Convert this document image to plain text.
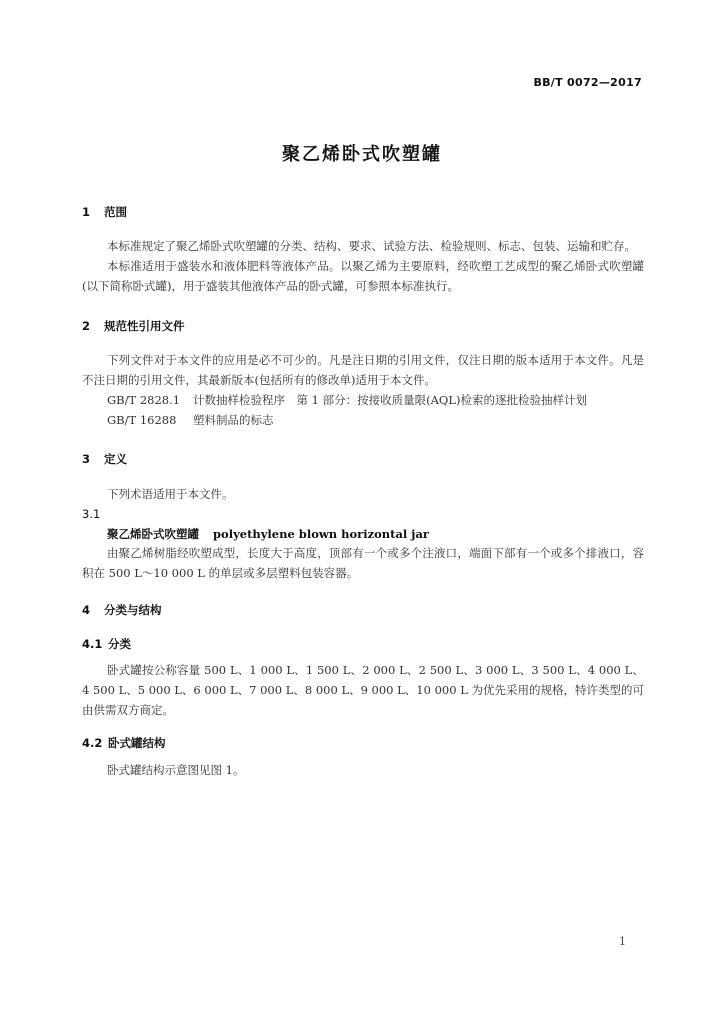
BB/T 0072—2017
聚乙烯卧式吹塑罐
1 范围
本标准规定了聚乙烯卧式吹塑罐的分类、结构、要求、试验方法、检验规则、标志、包装、运输和贮存。
本标准适用于盛装水和液体肥料等液体产品。以聚乙烯为主要原料，经吹塑工艺成型的聚乙烯卧式吹塑罐(以下简称卧式罐)，用于盛装其他液体产品的卧式罐，可参照本标准执行。
2 规范性引用文件
下列文件对于本文件的应用是必不可少的。凡是注日期的引用文件，仅注日期的版本适用于本文件。凡是不注日期的引用文件，其最新版本(包括所有的修改单)适用于本文件。
GB/T 2828.1 计数抽样检验程序　第 1 部分：按接收质量限(AQL)检索的逐批检验抽样计划
GB/T 16288 塑料制品的标志
3 定义
下列术语适用于本文件。
3.1
聚乙烯卧式吹塑罐 polyethylene blown horizontal jar
由聚乙烯树脂经吹塑成型，长度大于高度，顶部有一个或多个注液口，端面下部有一个或多个排液口，容积在 500 L～10 000 L 的单层或多层塑料包装容器。
4 分类与结构
4.1 分类
卧式罐按公称容量 500 L、1 000 L、1 500 L、2 000 L、2 500 L、3 000 L、3 500 L、4 000 L、4 500 L、5 000 L、6 000 L、7 000 L、8 000 L、9 000 L、10 000 L 为优先采用的规格，特许类型的可由供需双方商定。
4.2 卧式罐结构
卧式罐结构示意图见图 1。
1
